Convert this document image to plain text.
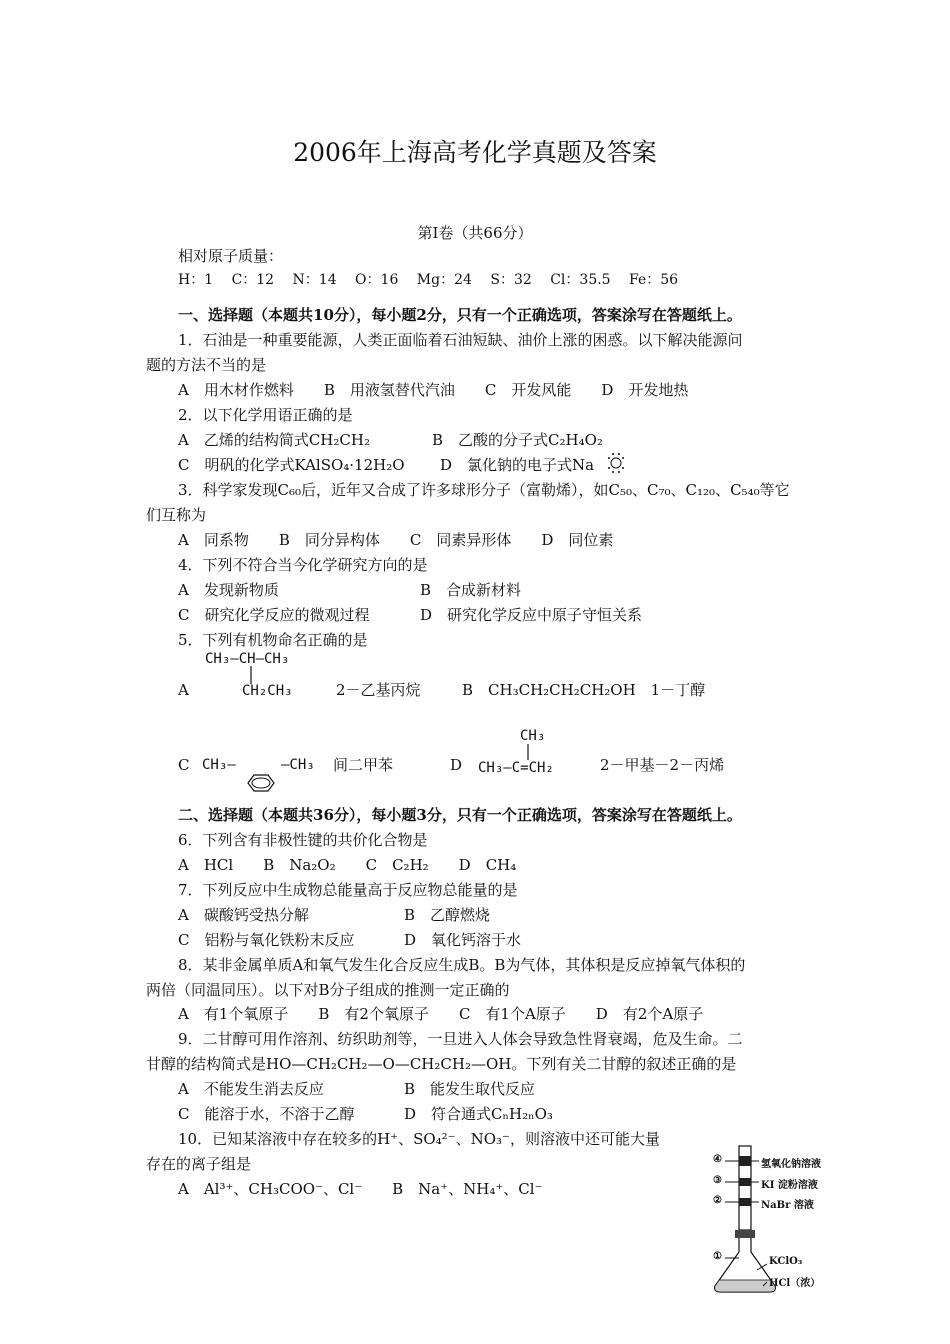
2006年上海高考化学真题及答案
第Ⅰ卷（共66分）
相对原子质量：
H：1　 C：12　 N：14　 O：16　 Mg：24　 S：32　 Cl：35.5　 Fe：56
一、选择题（本题共10分），每小题2分，只有一个正确选项，答案涂写在答题纸上。
1．石油是一种重要能源，人类正面临着石油短缺、油价上涨的困惑。以下解决能源问
题的方法不当的是
A　用木材作燃料　　B　用液氢替代汽油　　C　开发风能　　D　开发地热
2．以下化学用语正确的是
A　乙烯的结构简式CH₂CH₂	B　乙酸的分子式C₂H₄O₂
C　明矾的化学式KAlSO₄·12H₂O D　氯化钠的电子式Na
3．科学家发现C₆₀后，近年又合成了许多球形分子（富勒烯），如C₅₀、C₇₀、C₁₂₀、C₅₄₀等它
们互称为
A　同系物　　B　同分异构体　　C　同素异形体　　D　同位素
4．下列不符合当今化学研究方向的是
A　发现新物质	B　合成新材料
C　研究化学反应的微观过程	D　研究化学反应中原子守恒关系
5．下列有机物命名正确的是
CH₃—CH—CH₃
A	CH₂CH₃	2－乙基丙烷	B　CH₃CH₂CH₂CH₂OH　1－丁醇
C CH₃—	—CH₃ 间二甲苯	D
CH₃
CH₃—C=CH₂	2－甲基－2－丙烯
二、选择题（本题共36分），每小题3分，只有一个正确选项，答案涂写在答题纸上。
6．下列含有非极性键的共价化合物是
A　HCl　　B　Na₂O₂　　C　C₂H₂　　D　CH₄
7．下列反应中生成物总能量高于反应物总能量的是
A　碳酸钙受热分解	B　乙醇燃烧
C　铝粉与氧化铁粉末反应	D　氧化钙溶于水
8．某非金属单质A和氧气发生化合反应生成B。B为气体，其体积是反应掉氧气体积的
两倍（同温同压）。以下对B分子组成的推测一定正确的
A　有1个氧原子　　B　有2个氧原子　　C　有1个A原子　　D　有2个A原子
9．二甘醇可用作溶剂、纺织助剂等，一旦进入人体会导致急性肾衰竭，危及生命。二
甘醇的结构简式是HO—CH₂CH₂—O—CH₂CH₂—OH。下列有关二甘醇的叙述正确的是
A　不能发生消去反应	B　能发生取代反应
C　能溶于水，不溶于乙醇	D　符合通式CₙH₂ₙO₃
10．已知某溶液中存在较多的H⁺、SO₄²⁻、NO₃⁻，则溶液中还可能大量
存在的离子组是
A　Al³⁺、CH₃COO⁻、Cl⁻　　B　Na⁺、NH₄⁺、Cl⁻
④	氢氧化钠溶液
③	KI 淀粉溶液
②	NaBr 溶液
①	KClO₃
HCl（浓）
